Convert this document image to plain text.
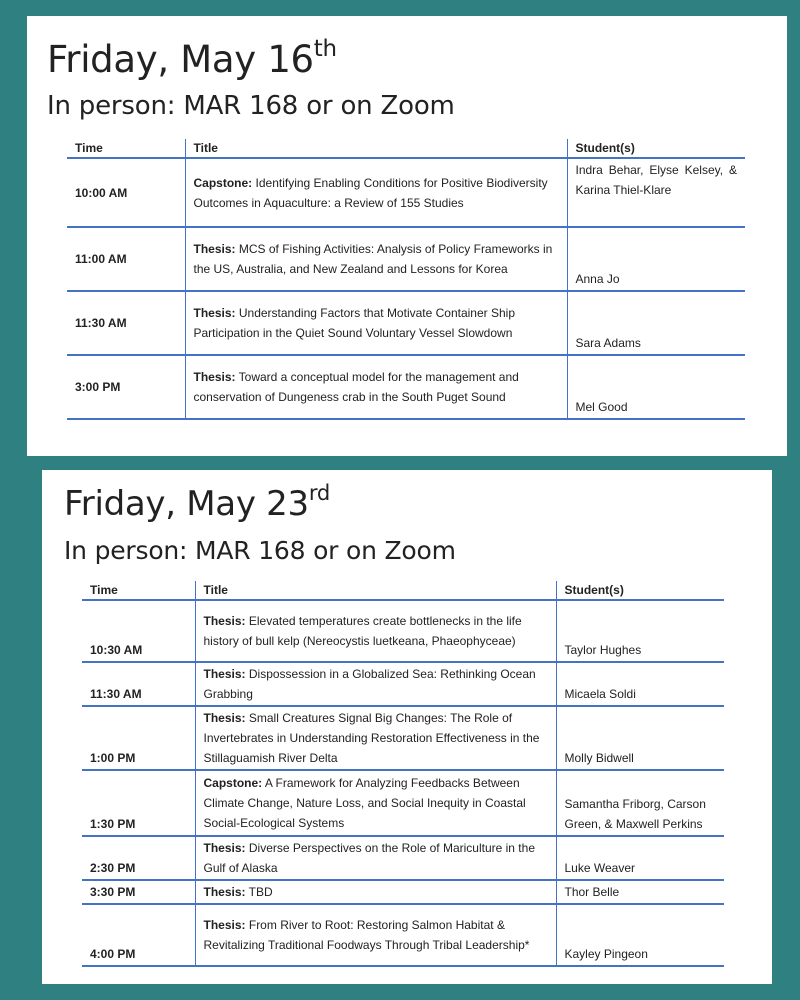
Friday, May 16th
In person: MAR 168 or on Zoom
Time	Title	Student(s)
10:00 AM	Capstone: Identifying Enabling Conditions for Positive Biodiversity Outcomes in Aquaculture: a Review of 155 Studies	Indra Behar, Elyse Kelsey, & Karina Thiel-Klare

11:00 AM	Thesis: MCS of Fishing Activities: Analysis of Policy Frameworks in the US, Australia, and New Zealand and Lessons for Korea	Anna Jo
11:30 AM	Thesis: Understanding Factors that Motivate Container Ship Participation in the Quiet Sound Voluntary Vessel Slowdown	Sara Adams
3:00 PM	Thesis: Toward a conceptual model for the management and conservation of Dungeness crab in the South Puget Sound	Mel Good
Friday, May 23rd
In person: MAR 168 or on Zoom
Time	Title	Student(s)
10:30 AM	Thesis: Elevated temperatures create bottlenecks in the life history of bull kelp (Nereocystis luetkeana, Phaeophyceae)	Taylor Hughes
11:30 AM	Thesis: Dispossession in a Globalized Sea: Rethinking Ocean Grabbing	Micaela Soldi
1:00 PM	Thesis: Small Creatures Signal Big Changes: The Role of Invertebrates in Understanding Restoration Effectiveness in the Stillaguamish River Delta	Molly Bidwell
1:30 PM	Capstone: A Framework for Analyzing Feedbacks Between Climate Change, Nature Loss, and Social Inequity in Coastal Social-Ecological Systems	Samantha Friborg, Carson Green, & Maxwell Perkins
2:30 PM	Thesis: Diverse Perspectives on the Role of Mariculture in the Gulf of Alaska	Luke Weaver
3:30 PM	Thesis: TBD	Thor Belle
4:00 PM	Thesis: From River to Root: Restoring Salmon Habitat & Revitalizing Traditional Foodways Through Tribal Leadership*	Kayley Pingeon
